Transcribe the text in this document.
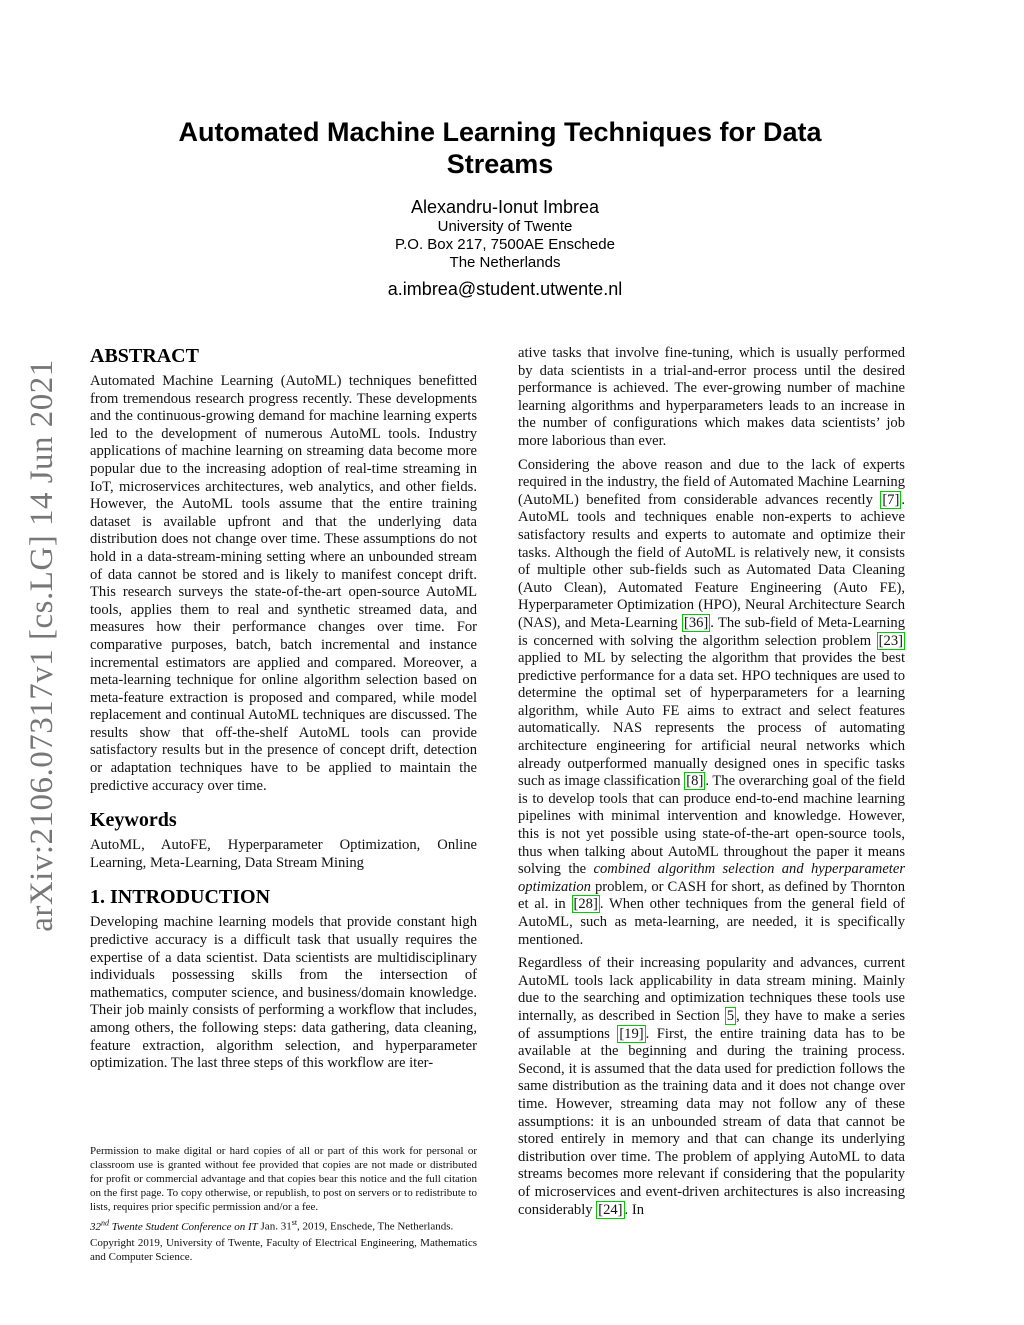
arXiv:2106.07317v1 [cs.LG] 14 Jun 2021
Automated Machine Learning Techniques for Data Streams
Alexandru-Ionut Imbrea
University of Twente
P.O. Box 217, 7500AE Enschede
The Netherlands
a.imbrea@student.utwente.nl
ABSTRACT

Automated Machine Learning (AutoML) techniques benefitted from tremendous research progress recently. These developments and the continuous-growing demand for machine learning experts led to the development of numerous AutoML tools. Industry applications of machine learning on streaming data become more popular due to the increasing adoption of real-time streaming in IoT, microservices architectures, web analytics, and other fields. However, the AutoML tools assume that the entire training dataset is available upfront and that the underlying data distribution does not change over time. These assumptions do not hold in a data-stream-mining setting where an unbounded stream of data cannot be stored and is likely to manifest concept drift. This research surveys the state-of-the-art open-source AutoML tools, applies them to real and synthetic streamed data, and measures how their performance changes over time. For comparative purposes, batch, batch incremental and instance incremental estimators are applied and compared. Moreover, a meta-learning technique for online algorithm selection based on meta-feature extraction is proposed and compared, while model replacement and continual AutoML techniques are discussed. The results show that off-the-shelf AutoML tools can provide satisfactory results but in the presence of concept drift, detection or adaptation techniques have to be applied to maintain the predictive accuracy over time.

Keywords

AutoML, AutoFE, Hyperparameter Optimization, Online Learning, Meta-Learning, Data Stream Mining

1. INTRODUCTION

Developing machine learning models that provide constant high predictive accuracy is a difficult task that usually requires the expertise of a data scientist. Data scientists are multidisciplinary individuals possessing skills from the intersection of mathematics, computer science, and business/domain knowledge. Their job mainly consists of performing a workflow that includes, among others, the following steps: data gathering, data cleaning, feature extraction, algorithm selection, and hyperparameter optimization. The last three steps of this workflow are iter-

ative tasks that involve fine-tuning, which is usually performed by data scientists in a trial-and-error process until the desired performance is achieved. The ever-growing number of machine learning algorithms and hyperparameters leads to an increase in the number of configurations which makes data scientists’ job more laborious than ever.

Considering the above reason and due to the lack of experts required in the industry, the field of Automated Machine Learning (AutoML) benefited from considerable advances recently [7] . AutoML tools and techniques enable non-experts to achieve satisfactory results and experts to automate and optimize their tasks. Although the field of AutoML is relatively new, it consists of multiple other sub-fields such as Automated Data Cleaning (Auto Clean), Automated Feature Engineering (Auto FE), Hyperparameter Optimization (HPO), Neural Architecture Search (NAS), and Meta-Learning [36] . The sub-field of Meta-Learning is concerned with solving the algorithm selection problem [23] applied to ML by selecting the algorithm that provides the best predictive performance for a data set. HPO techniques are used to determine the optimal set of hyperparameters for a learning algorithm, while Auto FE aims to extract and select features automatically. NAS represents the process of automating architecture engineering for artificial neural networks which already outperformed manually designed ones in specific tasks such as image classification [8] . The overarching goal of the field is to develop tools that can produce end-to-end machine learning pipelines with minimal intervention and knowledge. However, this is not yet possible using state-of-the-art open-source tools, thus when talking about AutoML throughout the paper it means solving the combined algorithm selection and hyperparameter optimization problem, or CASH for short, as defined by Thornton et al. in [28] . When other techniques from the general field of AutoML, such as meta-learning, are needed, it is specifically mentioned.

Regardless of their increasing popularity and advances, current AutoML tools lack applicability in data stream mining. Mainly due to the searching and optimization techniques these tools use internally, as described in Section 5 , they have to make a series of assumptions [19] . First, the entire training data has to be available at the beginning and during the training process. Second, it is assumed that the data used for prediction follows the same distribution as the training data and it does not change over time. However, streaming data may not follow any of these assumptions: it is an unbounded stream of data that cannot be stored entirely in memory and that can change its underlying distribution over time. The problem of applying AutoML to data streams becomes more relevant if considering that the popularity of microservices and event-driven architectures is also increasing considerably [24] . In

Permission to make digital or hard copies of all or part of this work for personal or classroom use is granted without fee provided that copies are not made or distributed for profit or commercial advantage and that copies bear this notice and the full citation on the first page. To copy otherwise, or republish, to post on servers or to redistribute to lists, requires prior specific permission and/or a fee.

32nd Twente Student Conference on IT Jan. 31st, 2019, Enschede, The Netherlands.

Copyright 2019, University of Twente, Faculty of Electrical Engineering, Mathematics and Computer Science.
